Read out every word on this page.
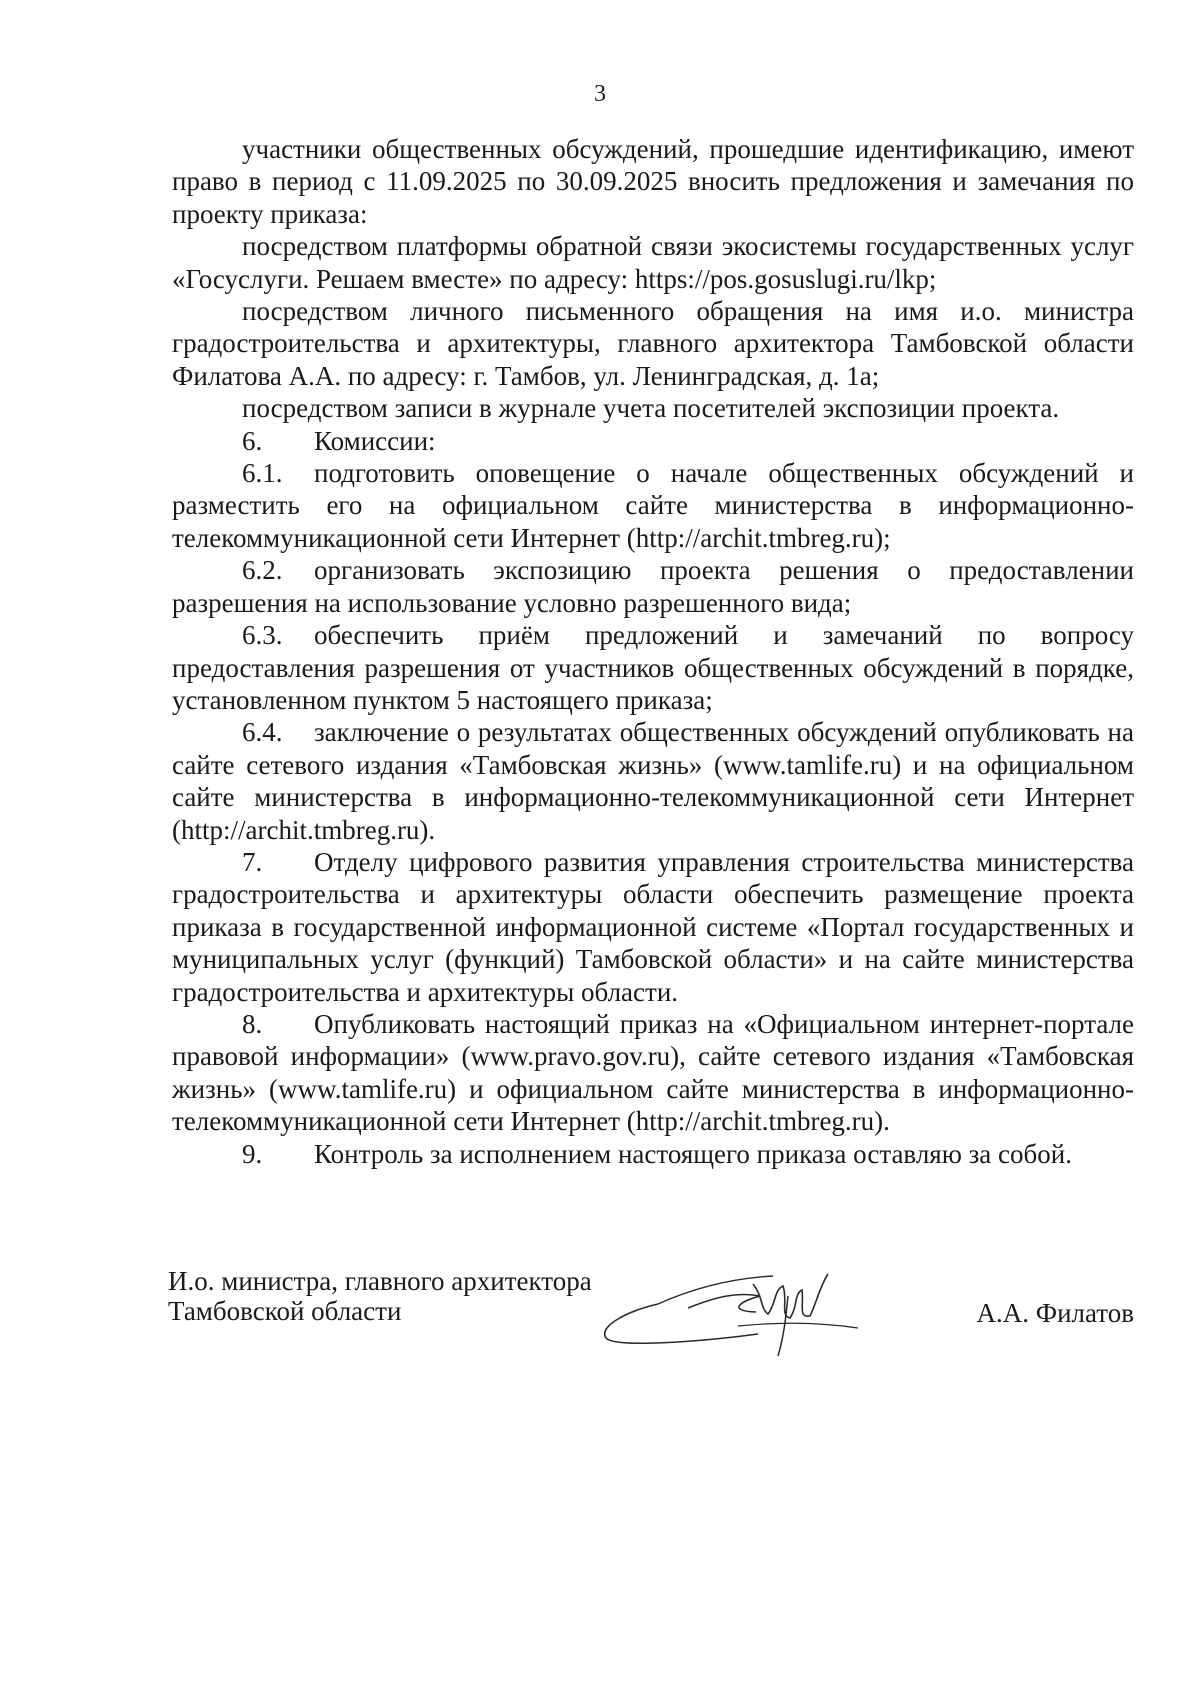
3

участники общественных обсуждений, прошедшие идентификацию, имеют право в период с 11.09.2025 по 30.09.2025 вносить предложения и замечания по проекту приказа:

посредством платформы обратной связи экосистемы государственных услуг «Госуслуги. Решаем вместе» по адресу: https://pos.gosuslugi.ru/lkp;

посредством личного письменного обращения на имя и.о. министра градостроительства и архитектуры, главного архитектора Тамбовской области Филатова А.А. по адресу: г. Тамбов, ул. Ленинградская, д. 1а;

посредством записи в журнале учета посетителей экспозиции проекта.

6. Комиссии:

6.1. подготовить оповещение о начале общественных обсуждений и разместить его на официальном сайте министерства в информационно-телекоммуникационной сети Интернет (http://archit.tmbreg.ru);

6.2. организовать экспозицию проекта решения о предоставлении разрешения на использование условно разрешенного вида;

6.3. обеспечить приём предложений и замечаний по вопросу предоставления разрешения от участников общественных обсуждений в порядке, установленном пунктом 5 настоящего приказа;

6.4. заключение о результатах общественных обсуждений опубликовать на сайте сетевого издания «Тамбовская жизнь» (www.tamlife.ru) и на официальном сайте министерства в информационно-телекоммуникационной сети Интернет (http://archit.tmbreg.ru).

7. Отделу цифрового развития управления строительства министерства градостроительства и архитектуры области обеспечить размещение проекта приказа в государственной информационной системе «Портал государственных и муниципальных услуг (функций) Тамбовской области» и на сайте министерства градостроительства и архитектуры области.

8. Опубликовать настоящий приказ на «Официальном интернет-портале правовой информации» (www.pravo.gov.ru), сайте сетевого издания «Тамбовская жизнь» (www.tamlife.ru) и официальном сайте министерства в информационно-телекоммуникационной сети Интернет (http://archit.tmbreg.ru).

9. Контроль за исполнением настоящего приказа оставляю за собой.

И.о. министра, главного архитектора
Тамбовской области	А.А. Филатов
